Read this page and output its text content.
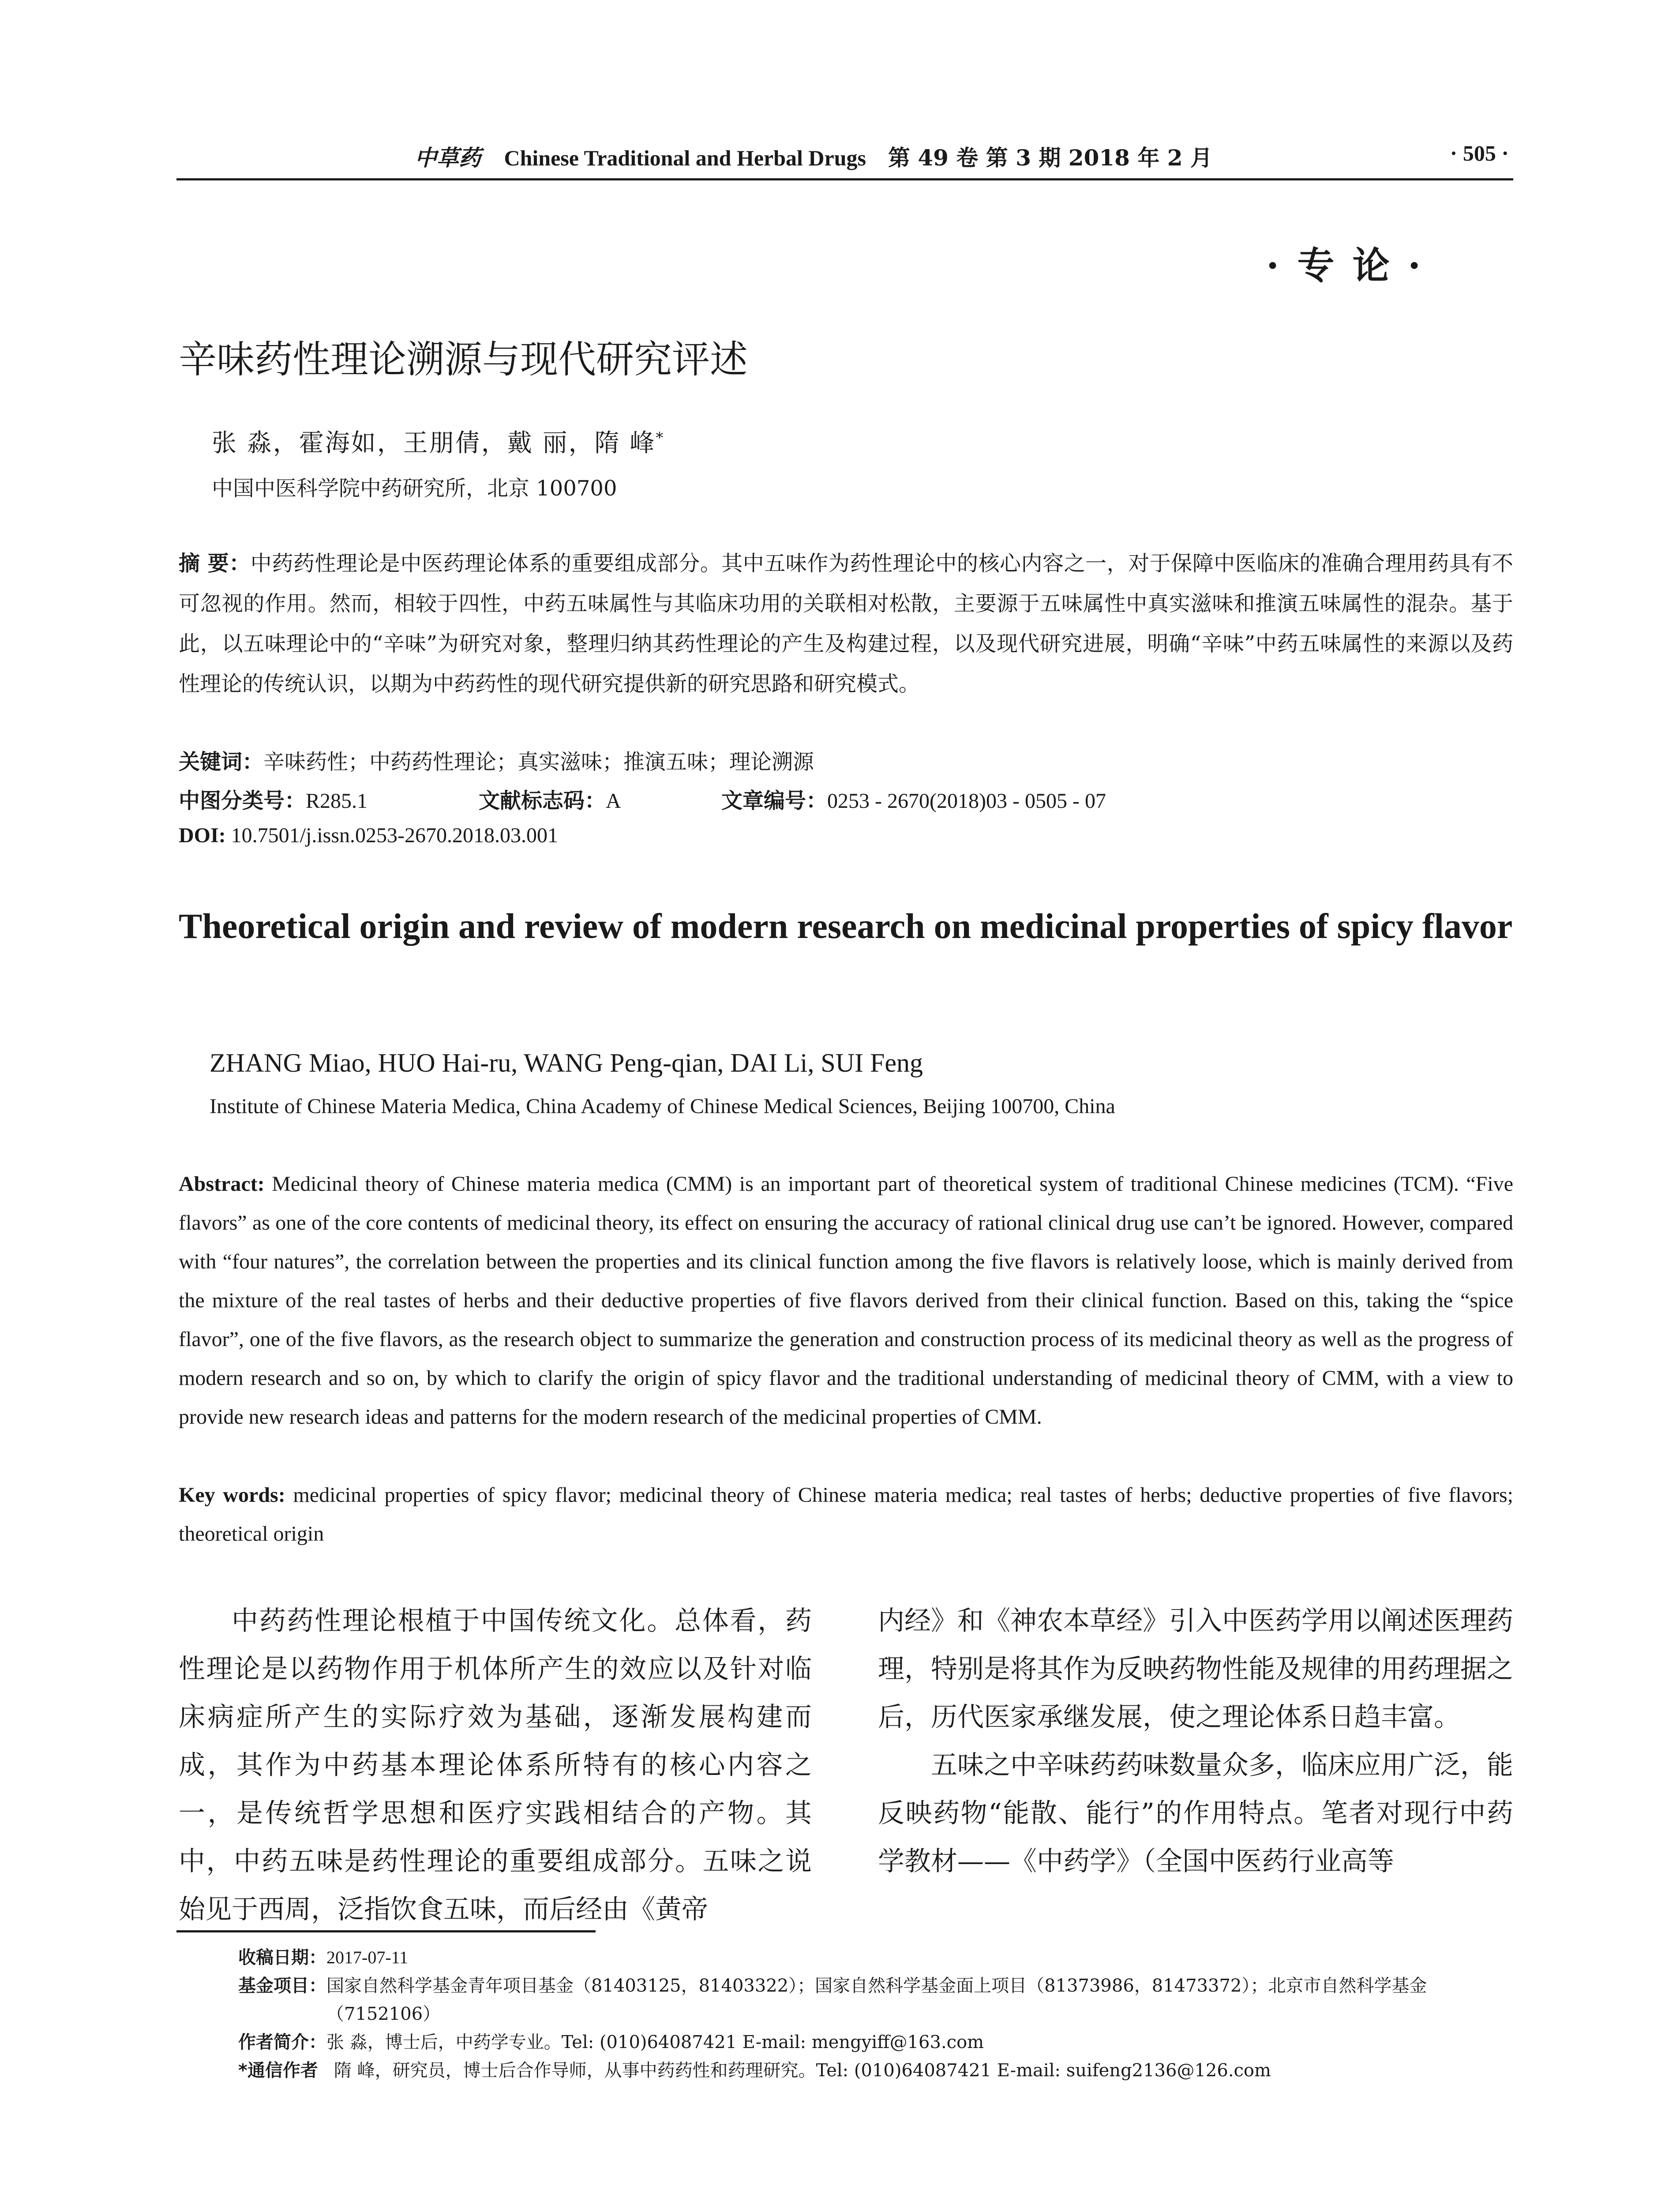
中草药 Chinese Traditional and Herbal Drugs 第 49 卷 第 3 期 2018 年 2 月	· 505 ·
· 专 论 ·
辛味药性理论溯源与现代研究评述
张 淼，霍海如，王朋倩，戴 丽，隋 峰*
中国中医科学院中药研究所，北京 100700
摘 要：中药药性理论是中医药理论体系的重要组成部分。其中五味作为药性理论中的核心内容之一，对于保障中医临床的准确合理用药具有不可忽视的作用。然而，相较于四性，中药五味属性与其临床功用的关联相对松散，主要源于五味属性中真实滋味和推演五味属性的混杂。基于此，以五味理论中的“辛味”为研究对象，整理归纳其药性理论的产生及构建过程，以及现代研究进展，明确“辛味”中药五味属性的来源以及药性理论的传统认识，以期为中药药性的现代研究提供新的研究思路和研究模式。
关键词：辛味药性；中药药性理论；真实滋味；推演五味；理论溯源
中图分类号：R285.1	文献标志码：A	文章编号：0253 - 2670(2018)03 - 0505 - 07
DOI: 10.7501/j.issn.0253-2670.2018.03.001
Theoretical origin and review of modern research on medicinal properties of spicy flavor
ZHANG Miao, HUO Hai-ru, WANG Peng-qian, DAI Li, SUI Feng
Institute of Chinese Materia Medica, China Academy of Chinese Medical Sciences, Beijing 100700, China
Abstract: Medicinal theory of Chinese materia medica (CMM) is an important part of theoretical system of traditional Chinese medicines (TCM). “Five flavors” as one of the core contents of medicinal theory, its effect on ensuring the accuracy of rational clinical drug use can’t be ignored. However, compared with “four natures”, the correlation between the properties and its clinical function among the five flavors is relatively loose, which is mainly derived from the mixture of the real tastes of herbs and their deductive properties of five flavors derived from their clinical function. Based on this, taking the “spice flavor”, one of the five flavors, as the research object to summarize the generation and construction process of its medicinal theory as well as the progress of modern research and so on, by which to clarify the origin of spicy flavor and the traditional understanding of medicinal theory of CMM, with a view to provide new research ideas and patterns for the modern research of the medicinal properties of CMM.
Key words: medicinal properties of spicy flavor; medicinal theory of Chinese materia medica; real tastes of herbs; deductive properties of five flavors; theoretical origin

中药药性理论根植于中国传统文化。总体看，药性理论是以药物作用于机体所产生的效应以及针对临床病症所产生的实际疗效为基础，逐渐发展构建而成，其作为中药基本理论体系所特有的核心内容之一，是传统哲学思想和医疗实践相结合的产物。其中，中药五味是药性理论的重要组成部分。五味之说始见于西周，泛指饮食五味，而后经由《黄帝

内经》和《神农本草经》引入中医药学用以阐述医理药理，特别是将其作为反映药物性能及规律的用药理据之后，历代医家承继发展，使之理论体系日趋丰富。

五味之中辛味药药味数量众多，临床应用广泛，能反映药物“能散、能行”的作用特点。笔者对现行中药学教材——《中药学》（全国中医药行业高等

收稿日期： 2017-07-11
基金项目： 国家自然科学基金青年项目基金（81403125，81403322）；国家自然科学基金面上项目（81373986，81473372）；北京市自然科学基金（7152106）
作者简介： 张 淼，博士后，中药学专业。Tel: (010)64087421 E-mail: mengyiff@163.com
*通信作者 隋 峰，研究员，博士后合作导师，从事中药药性和药理研究。Tel: (010)64087421 E-mail: suifeng2136@126.com
